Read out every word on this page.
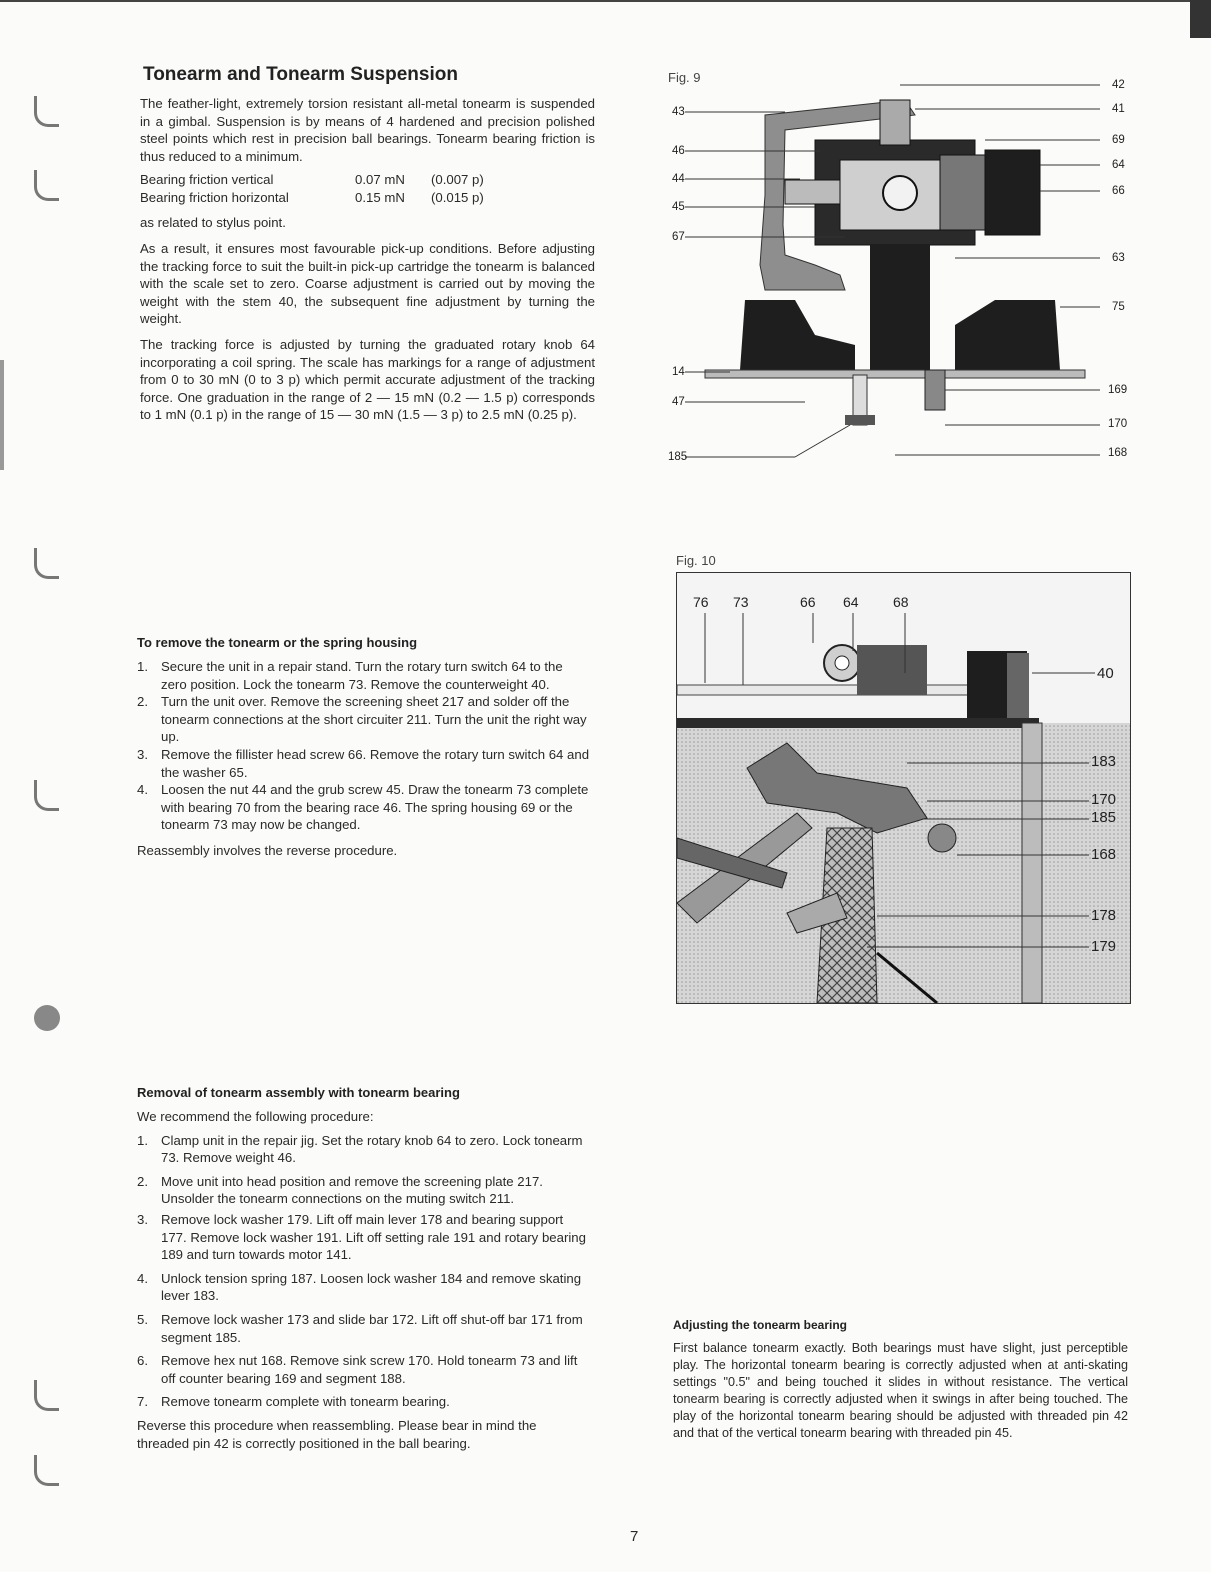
Tonearm and Tonearm Suspension

The feather-light, extremely torsion resistant all-metal tonearm is suspended in a gimbal. Suspension is by means of 4 hardened and precision polished steel points which rest in precision ball bearings. Tonearm bearing friction is thus reduced to a minimum.

Bearing friction vertical	0.07 mN	(0.007 p)
Bearing friction horizontal	0.15 mN	(0.015 p)

as related to stylus point.

As a result, it ensures most favourable pick-up conditions. Before adjusting the tracking force to suit the built-in pick-up cartridge the tonearm is balanced with the scale set to zero. Coarse adjustment is carried out by moving the weight with the stem 40, the subsequent fine adjustment by turning the weight.

The tracking force is adjusted by turning the graduated rotary knob 64 incorporating a coil spring. The scale has markings for a range of adjustment from 0 to 30 mN (0 to 3 p) which permit accurate adjustment of the tracking force. One graduation in the range of 2 — 15 mN (0.2 — 1.5 p) corresponds to 1 mN (0.1 p) in the range of 15 — 30 mN (1.5 — 3 p) to 2.5 mN (0.25 p).

To remove the tonearm or the spring housing
1. Secure the unit in a repair stand. Turn the rotary turn switch 64 to the zero position. Lock the tonearm 73. Remove the counterweight 40.
2. Turn the unit over. Remove the screening sheet 217 and solder off the tonearm connections at the short circuiter 211. Turn the unit the right way up.
3. Remove the fillister head screw 66. Remove the rotary turn switch 64 and the washer 65.
4. Loosen the nut 44 and the grub screw 45. Draw the tonearm 73 complete with bearing 70 from the bearing race 46. The spring housing 69 or the tonearm 73 may now be changed.

Reassembly involves the reverse procedure.

Removal of tonearm assembly with tonearm bearing

We recommend the following procedure:

1. Clamp unit in the repair jig. Set the rotary knob 64 to zero. Lock tonearm 73. Remove weight 46.
2. Move unit into head position and remove the screening plate 217. Unsolder the tonearm connections on the muting switch 211.
3. Remove lock washer 179. Lift off main lever 178 and bearing support 177. Remove lock washer 191. Lift off setting rale 191 and rotary bearing 189 and turn towards motor 141.
4. Unlock tension spring 187. Loosen lock washer 184 and remove skating lever 183.
5. Remove lock washer 173 and slide bar 172. Lift off shut-off bar 171 from segment 185.
6. Remove hex nut 168. Remove sink screw 170. Hold tonearm 73 and lift off counter bearing 169 and segment 188.
7. Remove tonearm complete with tonearm bearing.

Reverse this procedure when reassembling. Please bear in mind the threaded pin 42 is correctly positioned in the ball bearing.

Adjusting the tonearm bearing

First balance tonearm exactly. Both bearings must have slight, just perceptible play. The horizontal tonearm bearing is correctly adjusted when at anti-skating settings "0.5" and being touched it slides in without resistance. The vertical tonearm bearing is correctly adjusted when it swings in after being touched. The play of the horizontal tonearm bearing should be adjusted with threaded pin 42 and that of the vertical tonearm bearing with threaded pin 45.

Fig. 9
43
46
44
45
67
14
47
185
42
41
69
64
66
63
75
169
170
168
Fig. 10
76 73	66 64 68
40
183
170
185
168
178
179
7
